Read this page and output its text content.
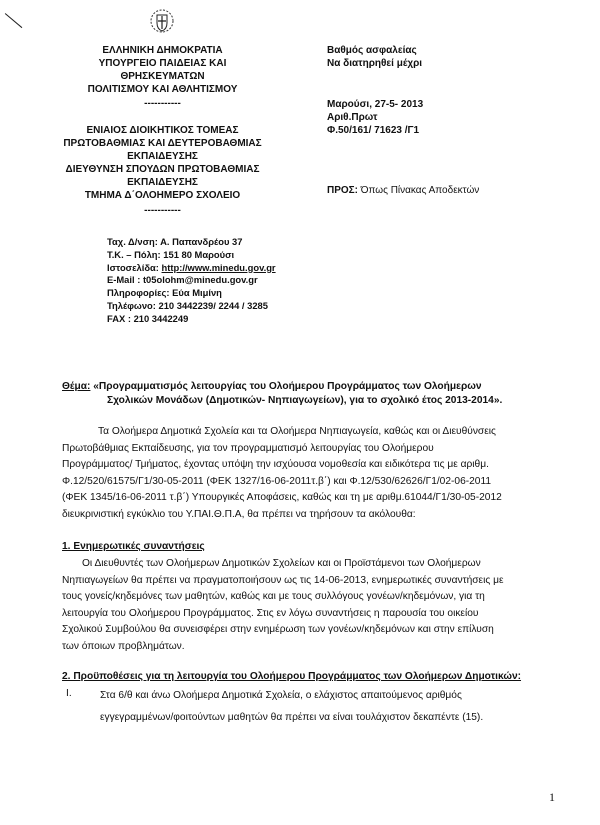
ΕΛΛΗΝΙΚΗ ΔΗΜΟΚΡΑΤΙΑ
ΥΠΟΥΡΓΕΙΟ ΠΑΙΔΕΙΑΣ ΚΑΙ
ΘΡΗΣΚΕΥΜΑΤΩΝ
ΠΟΛΙΤΙΣΜΟΥ ΚΑΙ ΑΘΛΗΤΙΣΜΟΥ
-----------
ΕΝΙΑΙΟΣ ΔΙΟΙΚΗΤΙΚΟΣ ΤΟΜΕΑΣ
ΠΡΩΤΟΒΑΘΜΙΑΣ ΚΑΙ ΔΕΥΤΕΡΟΒΑΘΜΙΑΣ
ΕΚΠΑΙΔΕΥΣΗΣ
ΔΙΕΥΘΥΝΣΗ ΣΠΟΥΔΩΝ ΠΡΩΤΟΒΑΘΜΙΑΣ
ΕΚΠΑΙΔΕΥΣΗΣ
ΤΜΗΜΑ Δ΄ΟΛΟΗΜΕΡΟ ΣΧΟΛΕΙΟ
-----------
Βαθμός ασφαλείας
Να διατηρηθεί μέχρι
Μαρούσι, 27-5- 2013
Αριθ.Πρωτ
Φ.50/161/ 71623 /Γ1
ΠΡΟΣ: Όπως Πίνακας Αποδεκτών
Ταχ. Δ/νση: Α. Παπανδρέου 37
Τ.Κ. – Πόλη: 151 80 Μαρούσι
Ιστοσελίδα: http://www.minedu.gov.gr
E-Mail : t05olohm@minedu.gov.gr
Πληροφορίες: Εύα Μιμίνη
Τηλέφωνο: 210 3442239/ 2244 / 3285
FAX : 210 3442249
Θέμα: «Προγραμματισμός λειτουργίας του Ολοήμερου Προγράμματος των Ολοήμερων
Σχολικών Μονάδων (Δημοτικών- Νηπιαγωγείων), για το σχολικό έτος 2013-2014».
Τα Ολοήμερα Δημοτικά Σχολεία και τα Ολοήμερα Νηπιαγωγεία, καθώς και οι Διευθύνσεις
Πρωτοβάθμιας Εκπαίδευσης, για τον προγραμματισμό λειτουργίας του Ολοήμερου
Προγράμματος/ Τμήματος, έχοντας υπόψη την ισχύουσα νομοθεσία και ειδικότερα τις με αριθμ.
Φ.12/520/61575/Γ1/30-05-2011 (ΦΕΚ 1327/16-06-2011τ.β΄) και Φ.12/530/62626/Γ1/02-06-2011
(ΦΕΚ 1345/16-06-2011 τ.β΄) Υπουργικές Αποφάσεις, καθώς και τη με αριθμ.61044/Γ1/30-05-2012
διευκρινιστική εγκύκλιο του Υ.ΠΑΙ.Θ.Π.Α, θα πρέπει να τηρήσουν τα ακόλουθα:
1. Ενημερωτικές συναντήσεις
Οι Διευθυντές των Ολοήμερων Δημοτικών Σχολείων και οι Προϊστάμενοι των Ολοήμερων
Νηπιαγωγείων θα πρέπει να πραγματοποιήσουν ως τις 14-06-2013, ενημερωτικές συναντήσεις με
τους γονείς/κηδεμόνες των μαθητών, καθώς και με τους συλλόγους γονέων/κηδεμόνων, για τη
λειτουργία του Ολοήμερου Προγράμματος. Στις εν λόγω συναντήσεις η παρουσία του οικείου
Σχολικού Συμβούλου θα συνεισφέρει στην ενημέρωση των γονέων/κηδεμόνων και στην επίλυση
των όποιων προβλημάτων.
2. Προϋποθέσεις για τη λειτουργία του Ολοήμερου Προγράμματος των Ολοήμερων Δημοτικών:
I.	Στα 6/θ και άνω Ολοήμερα Δημοτικά Σχολεία, ο ελάχιστος απαιτούμενος αριθμός
εγγεγραμμένων/φοιτούντων μαθητών θα πρέπει να είναι τουλάχιστον δεκαπέντε (15).
1
